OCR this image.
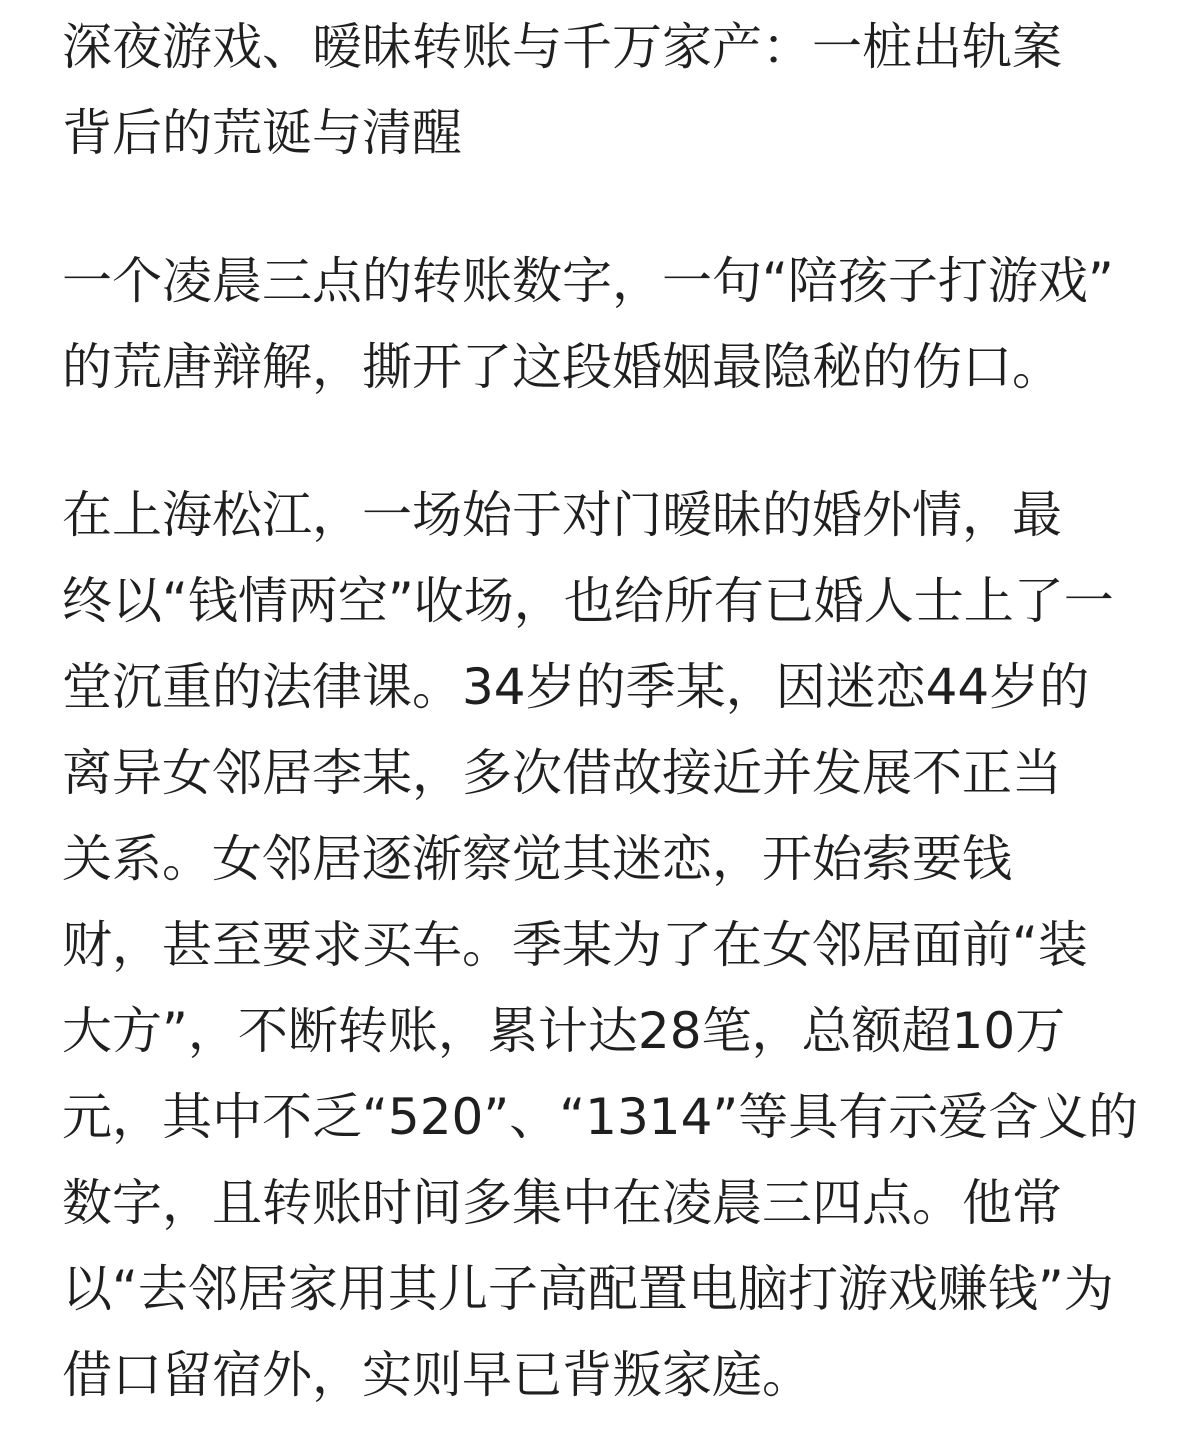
深夜游戏、暧昧转账与千万家产：一桩出轨案
背后的荒诞与清醒
一个凌晨三点的转账数字，一句“陪孩子打游戏”
的荒唐辩解，撕开了这段婚姻最隐秘的伤口。
在上海松江，一场始于对门暧昧的婚外情，最
终以“钱情两空”收场，也给所有已婚人士上了一
堂沉重的法律课。34岁的季某，因迷恋44岁的
离异女邻居李某，多次借故接近并发展不正当
关系。女邻居逐渐察觉其迷恋，开始索要钱
财，甚至要求买车。季某为了在女邻居面前“装
大方”，不断转账，累计达28笔，总额超10万
元，其中不乏“520”、“1314”等具有示爱含义的
数字，且转账时间多集中在凌晨三四点。他常
以“去邻居家用其儿子高配置电脑打游戏赚钱”为
借口留宿外，实则早已背叛家庭。
